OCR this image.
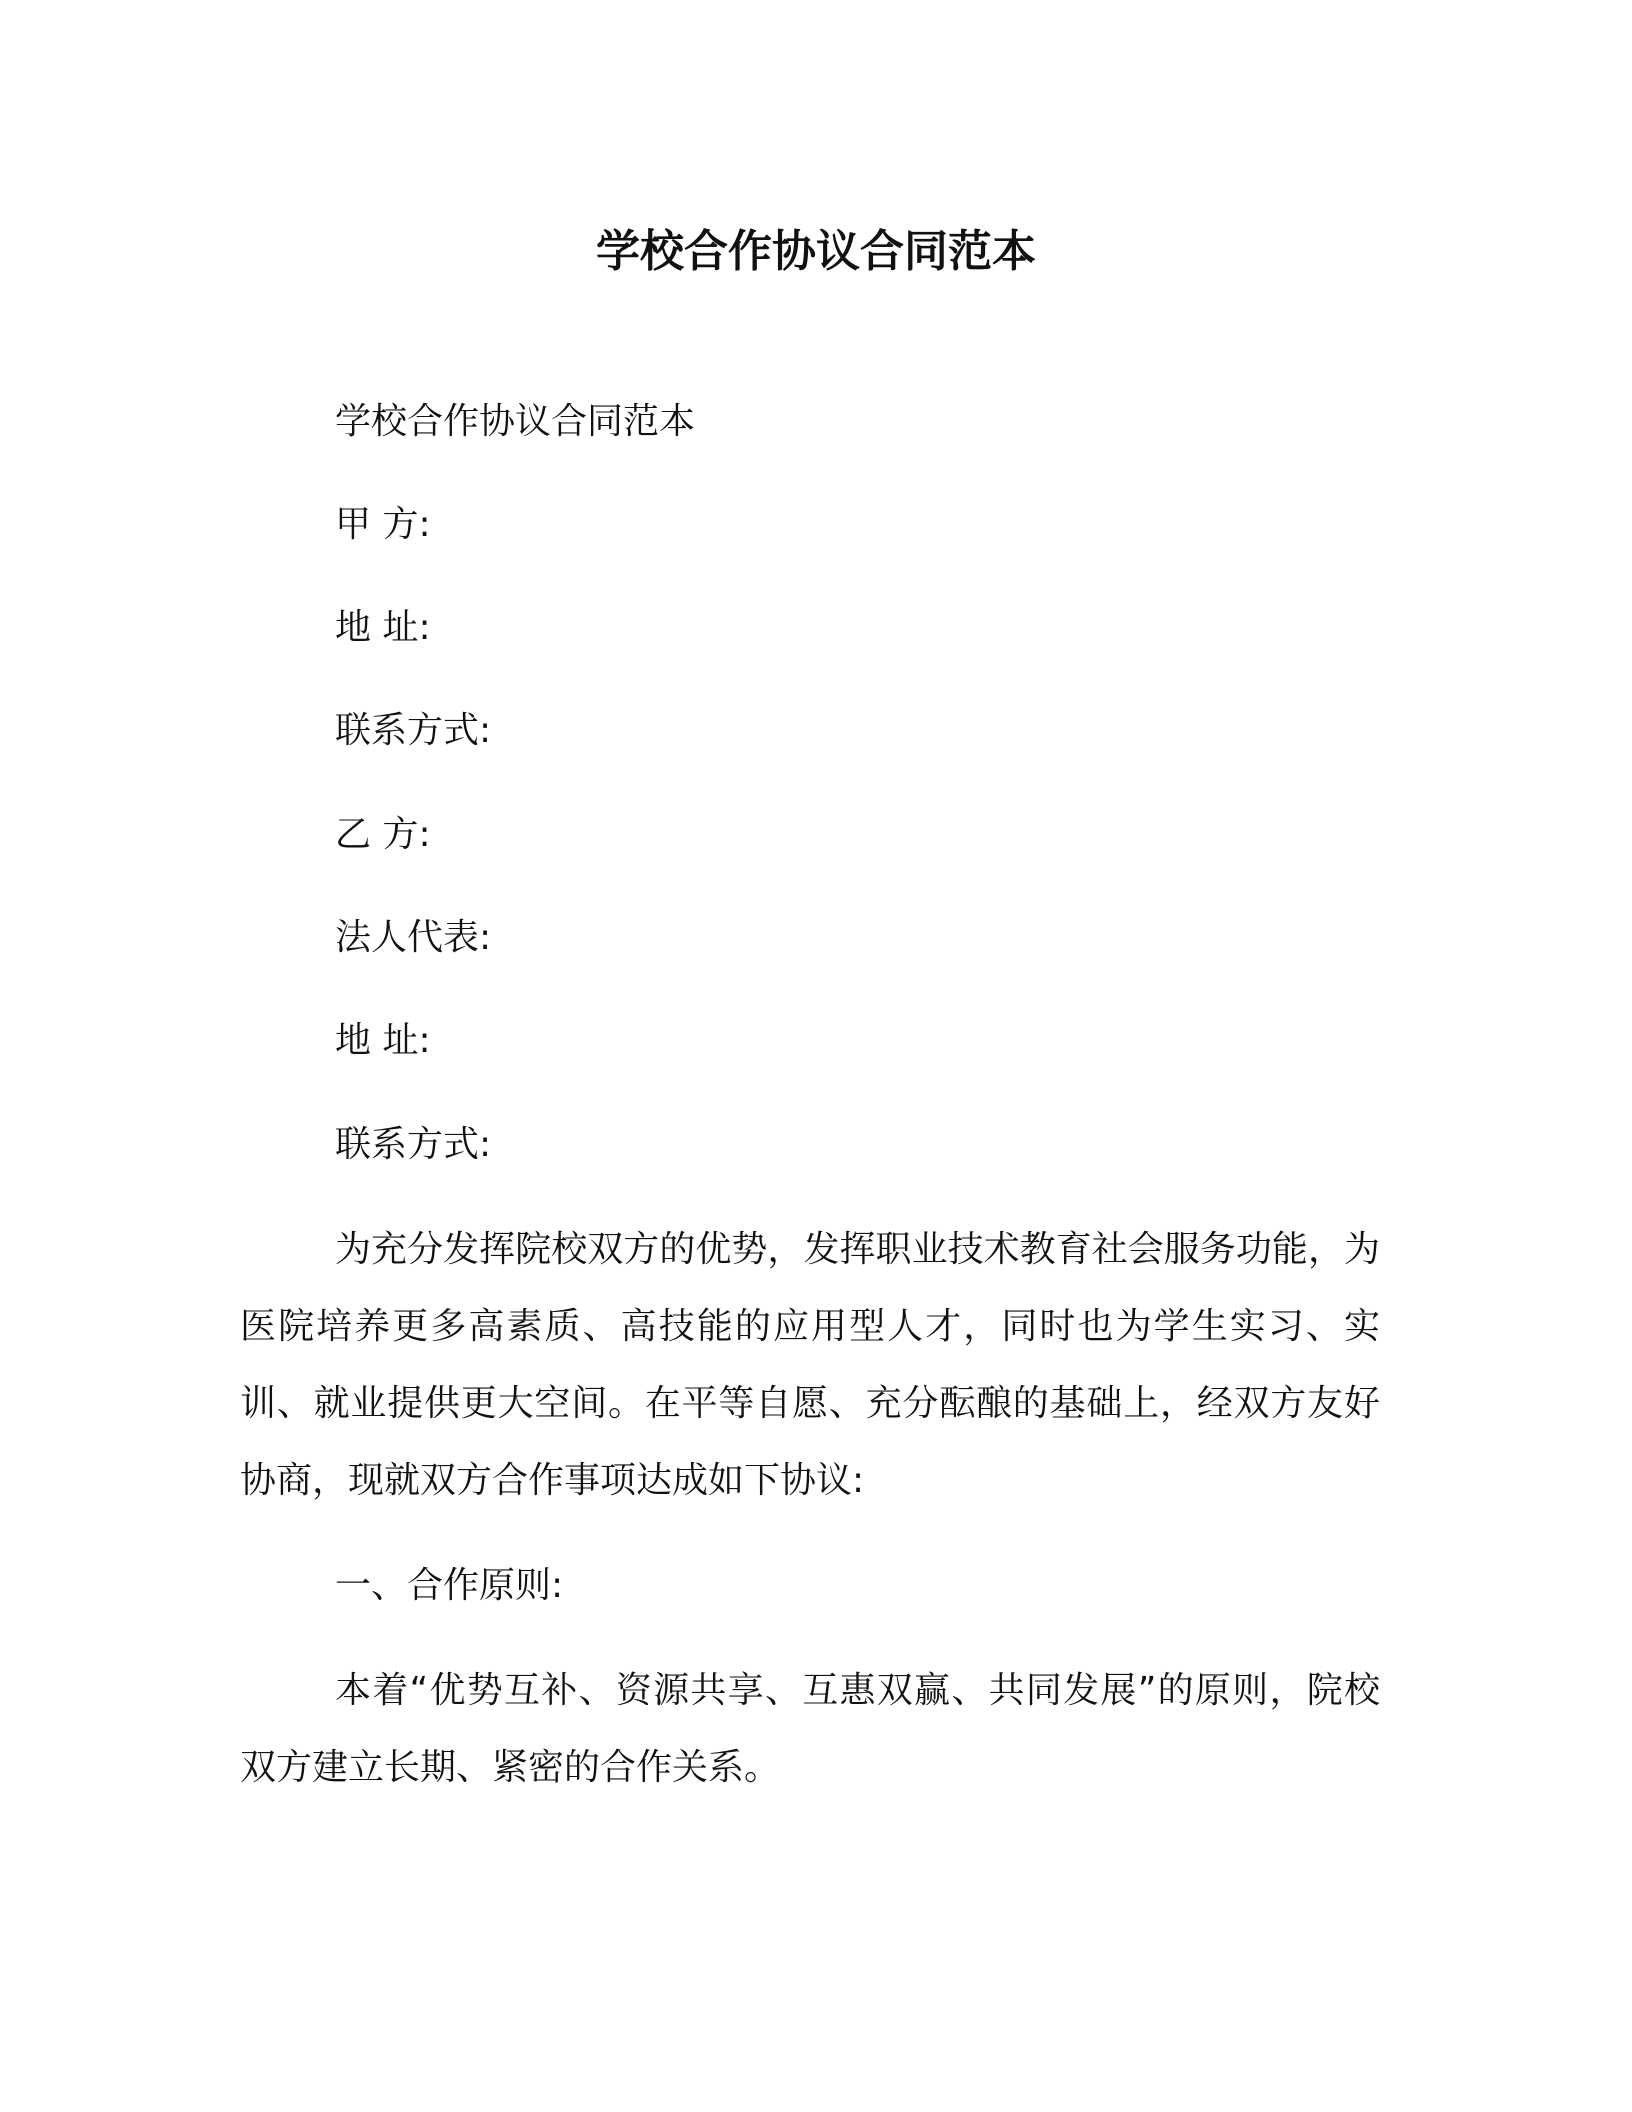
学校合作协议合同范本
学校合作协议合同范本
甲 方:
地 址:
联系方式:
乙 方:
法人代表:
地 址:
联系方式:
为充分发挥院校双方的优势，发挥职业技术教育社会服务功能，为医院培养更多高素质、高技能的应用型人才，同时也为学生实习、实训、就业提供更大空间。在平等自愿、充分酝酿的基础上，经双方友好协商，现就双方合作事项达成如下协议:
一、合作原则:
本着“优势互补、资源共享、互惠双赢、共同发展”的原则，院校双方建立长期、紧密的合作关系。
